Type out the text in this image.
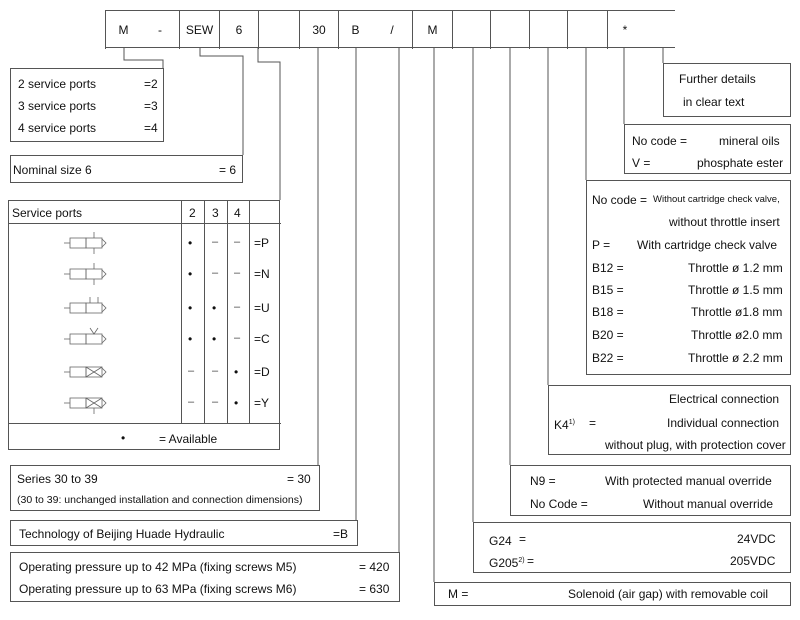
M	-	SEW	6	30	B	/	M	*
2 service ports	=2
3 service ports	=3
4 service ports	=4
Nominal size 6	= 6
Service ports	2 3 4
•	= Available
• – – =P
• – – =N
• • – =U
• • – =C
– – • =D
– – • =Y
Series 30 to 39	= 30
(30 to 39: unchanged installation and connection dimensions)
Technology of Beijing Huade Hydraulic	=B
Operating pressure up to 42 MPa (fixing screws M5)	= 420
Operating pressure up to 63 MPa (fixing screws M6)	= 630
Further details
in clear text
No code =	mineral oils
V =	phosphate ester
No code = Without cartridge check valve,
without throttle insert
P = With cartridge check valve
B12 =	Throttle ø 1.2 mm
B15 =	Throttle ø 1.5 mm
B18 =	Throttle ø1.8 mm
B20 =	Throttle ø2.0 mm
B22 =	Throttle ø 2.2 mm
Electrical connection
$K4^{1)}$ =	Individual connection
without plug, with protection cover
N9 =	With protected manual override
No Code =	Without manual override
G24 =	24VDC
$G205^{2)}$ =	205VDC
M =	Solenoid (air gap) with removable coil
